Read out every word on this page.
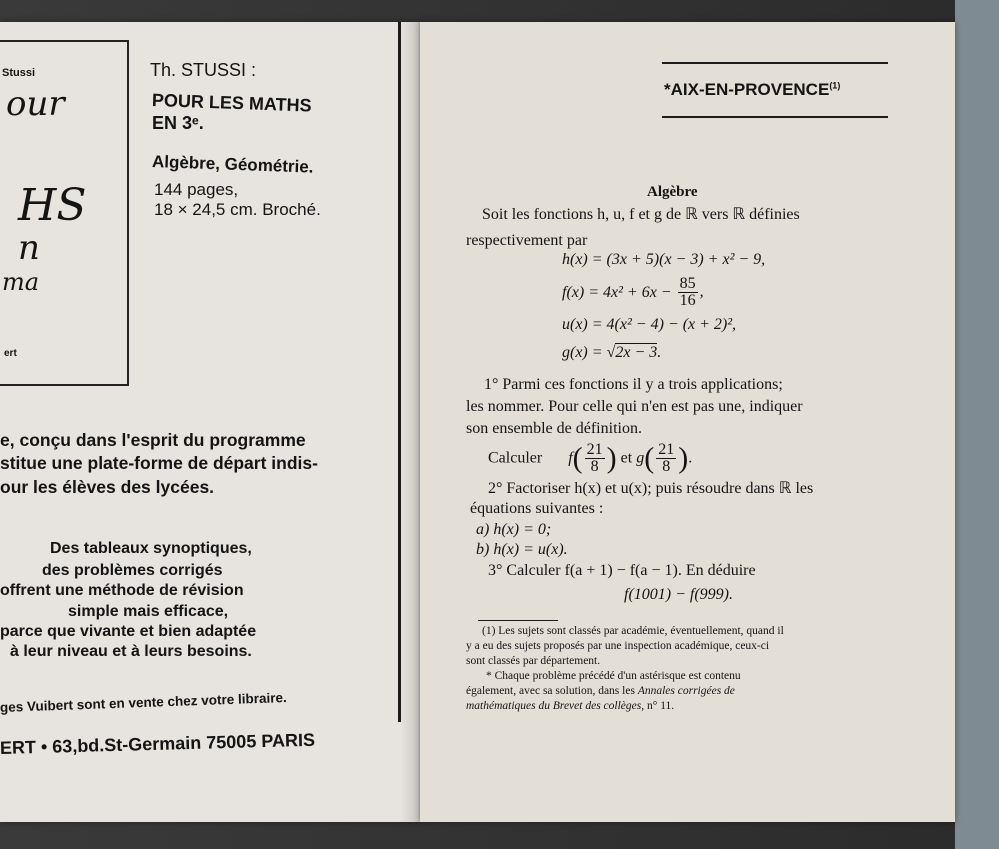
Stussi
our
HS
n
ma
ert
Th. STUSSI :
POUR LES MATHS
EN 3ᵉ.
Algèbre, Géométrie.
144 pages,
18 × 24,5 cm. Broché.
e, conçu dans l'esprit du programme
stitue une plate-forme de départ indis-
our les élèves des lycées.
Des tableaux synoptiques,
des problèmes corrigés
offrent une méthode de révision
simple mais efficace,
parce que vivante et bien adaptée
à leur niveau et à leurs besoins.
ges Vuibert sont en vente chez votre libraire.
ERT • 63,bd.St-Germain 75005 PARIS
*AIX-EN-PROVENCE$^{(1)}$
Algèbre
Soit les fonctions h, u, f et g de ℝ vers ℝ définies
respectivement par
h(x) = (3x + 5)(x − 3) + x² − 9,
$f(x) = 4x^2 + 6x - \frac{85}{16}$ ,
u(x) = 4(x² − 4) − (x + 2)²,
g(x) = √2x − 3.
1° Parmi ces fonctions il y a trois applications;
les nommer. Pour celle qui n'en est pas une, indiquer
son ensemble de définition.
Calculer $f( \frac{21}{8}$ ) et $g( \frac{21}{8}$ ).
2° Factoriser h(x) et u(x); puis résoudre dans ℝ les
équations suivantes :
a) h(x) = 0;
b) h(x) = u(x).
3° Calculer f(a + 1) − f(a − 1). En déduire
f(1001) − f(999).
(1) Les sujets sont classés par académie, éventuellement, quand il
y a eu des sujets proposés par une inspection académique, ceux-ci
sont classés par département.
* Chaque problème précédé d'un astérisque est contenu
également, avec sa solution, dans les Annales corrigées de
mathématiques du Brevet des collèges, n° 11.
